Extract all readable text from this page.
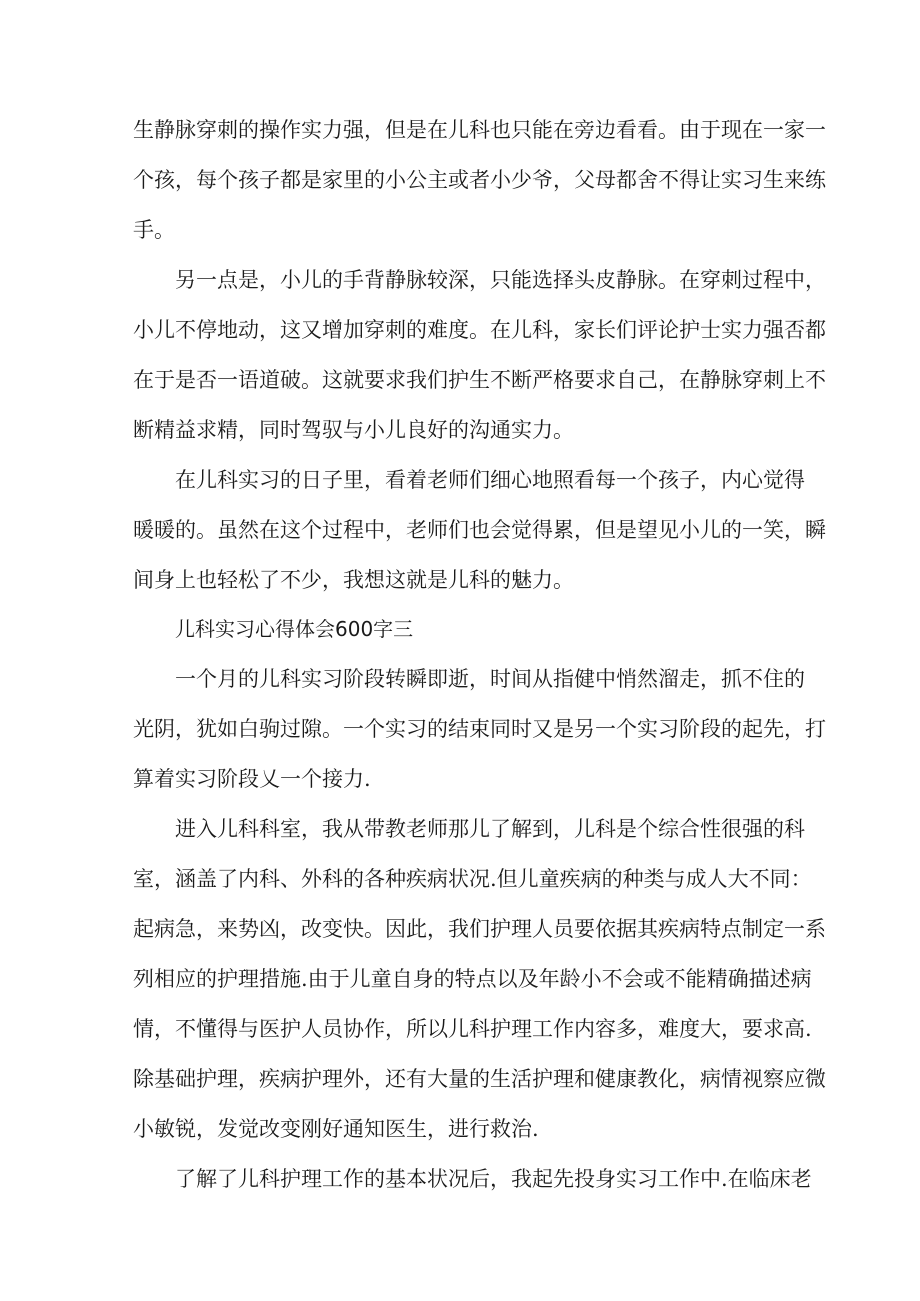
生静脉穿刺的操作实力强，但是在儿科也只能在旁边看看。由于现在一家一
个孩，每个孩子都是家里的小公主或者小少爷，父母都舍不得让实习生来练
手。
另一点是，小儿的手背静脉较深，只能选择头皮静脉。在穿刺过程中，
小儿不停地动，这又增加穿刺的难度。在儿科，家长们评论护士实力强否都
在于是否一语道破。这就要求我们护生不断严格要求自己，在静脉穿刺上不
断精益求精，同时驾驭与小儿良好的沟通实力。
在儿科实习的日子里，看着老师们细心地照看每一个孩子，内心觉得
暖暖的。虽然在这个过程中，老师们也会觉得累，但是望见小儿的一笑，瞬
间身上也轻松了不少，我想这就是儿科的魅力。
儿科实习心得体会600字三
一个月的儿科实习阶段转瞬即逝，时间从指健中悄然溜走，抓不住的
光阴，犹如白驹过隙。一个实习的结束同时又是另一个实习阶段的起先，打
算着实习阶段乂一个接力.
进入儿科科室，我从带教老师那儿了解到，儿科是个综合性很强的科
室，涵盖了内科、外科的各种疾病状况.但儿童疾病的种类与成人大不同：
起病急，来势凶，改变快。因此，我们护理人员要依据其疾病特点制定一系
列相应的护理措施.由于儿童自身的特点以及年龄小不会或不能精确描述病
情，不懂得与医护人员协作，所以儿科护理工作内容多，难度大，要求高.
除基础护理，疾病护理外，还有大量的生活护理和健康教化，病情视察应微
小敏锐，发觉改变刚好通知医生，进行救治.
了解了儿科护理工作的基本状况后，我起先投身实习工作中.在临床老
